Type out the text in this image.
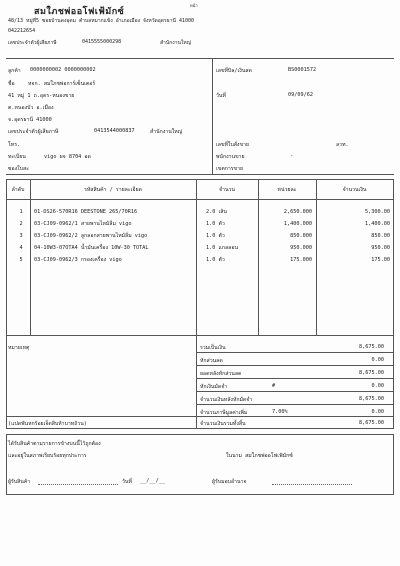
หน้า
สมใภชพ่ออโฟเฟ้มักซ์
48/13 หมู่ที่5 ซอยบ้านดงอุดม ตำบลหมากแข้ง อำเภอเมือง จังหวัดอุดรธานี 41000
042212654
เลขประจำตัวผู้เสียภาษี	0415555000298	สำนักงานใหญ่
ลูกค้า 0000000002 0000000002
ชื่อ	หจก. สมใภชพ่อการ์เซ็นเตอร์
41 หมู่ 1 ถ.อุดร-หนองขาย
ต.หนองบัว อ.เมือง
จ.อุดรธานี 41000
เลขประจำตัวผู้เสียภาษี	0413544000837	สำนักงานใหญ่
โทร.
ทะเบียน	vigo ผจ 8704 อด
ซองใบสะ
เลขที่บิล/เงินสด	BS0001572
วันที่	09/09/62
เลขที่ใบสั่งขาย	ลวท.
พนักงานขาย	-
เขตการขาย
ลำดับ	รหัสสินค้า / รายละเอียด	จำนวน	หน่วยละ	จำนวนเงิน
1	01-DS26-570R16 DEESTONE 265/70R16	2.0 เส้น	2,650.000	5,300.00
2	03-CJ09-0962/1 สายพานไหม้ลิ่ม vigo	1.0 ตัว	1,400.000	1,400.00
3	03-CJ09-0962/2 ลูกลอกสายพานไหม้ลิ่ม vigo	1.0 ตัว	850.000	850.00
4	04-10W3-07OTA4 น้ำมันเครื่อง 10W-30 TOTAL	1.0 แกลลอน	950.000	950.00
5	03-CJ09-0962/3 กรองเครื่อง vigo	1.0 ตัว	175.000	175.00
หมายเหตุ	รวมเป็นเงิน	8,675.00
หักส่วนลด	0.00
ยอดหลังหักส่วนลด	8,675.00
หักเงินมัดจำ	#	0.00
จำนวนเงินหลังหักมัดจำ	8,675.00
จำนวนภาษีมูลค่าเพิ่ม	7.00%	0.00
(แปดพันหกร้อยเจ็ดสิบห้าบาทถ้วน)	จำนวนเงินรวมทั้งสิ้น	8,675.00
ได้รับสินค้าตามรายการข้างบนนี้ไว้ถูกต้อง
และอยู่ในสภาพเรียบร้อยทุกประการ	ในนาม สมใภชพ่ออโฟเฟ้มักซ์
ผู้รับสินค้า	วันที่ __/__/__	ผู้รับมอบอำนาจ
